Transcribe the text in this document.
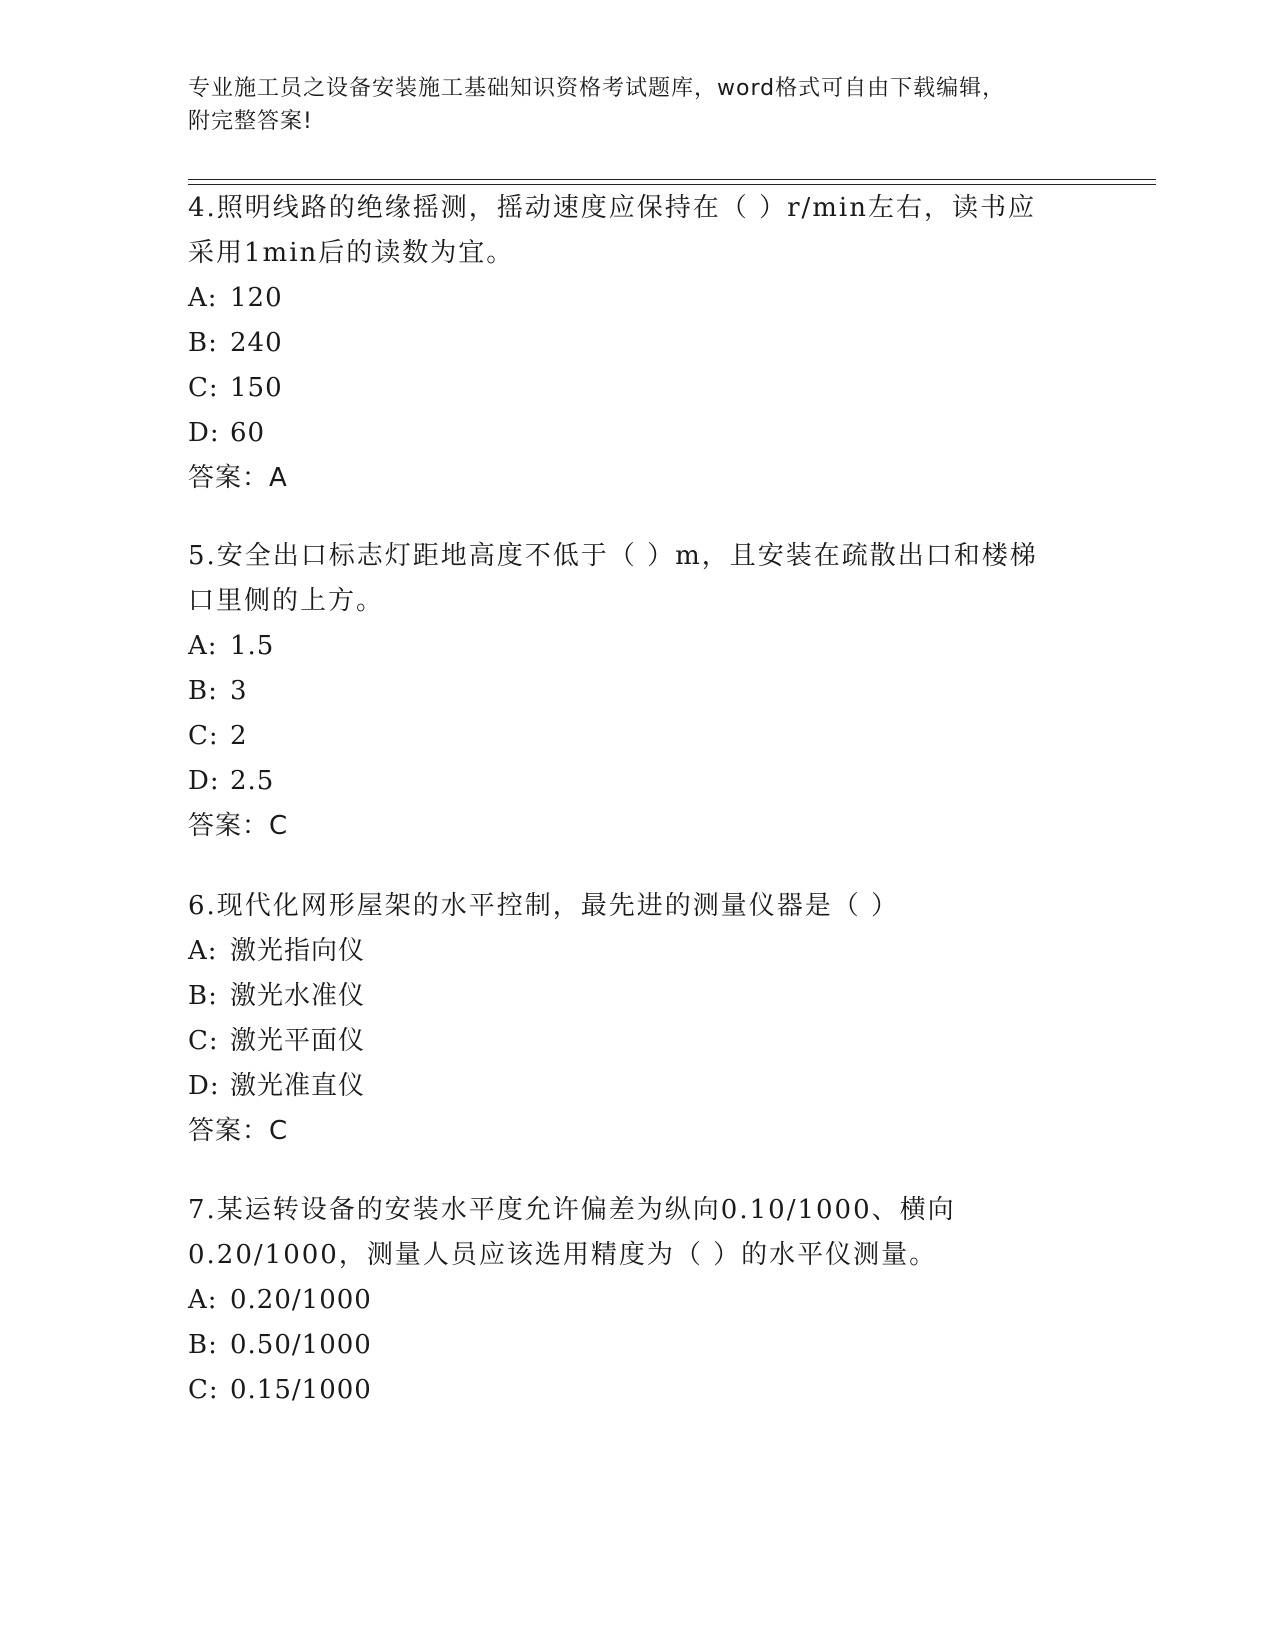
专业施工员之设备安装施工基础知识资格考试题库，word格式可自由下载编辑，
附完整答案!

4.照明线路的绝缘摇测，摇动速度应保持在（ ）r/min左右，读书应

采用1min后的读数为宜。

A: 120

B: 240

C: 150

D: 60

答案：A

5.安全出口标志灯距地高度不低于（ ）m，且安装在疏散出口和楼梯

口里侧的上方。

A: 1.5

B: 3

C: 2

D: 2.5

答案：C

6.现代化网形屋架的水平控制，最先进的测量仪器是（ ）

A: 激光指向仪

B: 激光水准仪

C: 激光平面仪

D: 激光准直仪

答案：C

7.某运转设备的安装水平度允许偏差为纵向0.10/1000、横向

0.20/1000，测量人员应该选用精度为（ ）的水平仪测量。

A: 0.20/1000

B: 0.50/1000

C: 0.15/1000
